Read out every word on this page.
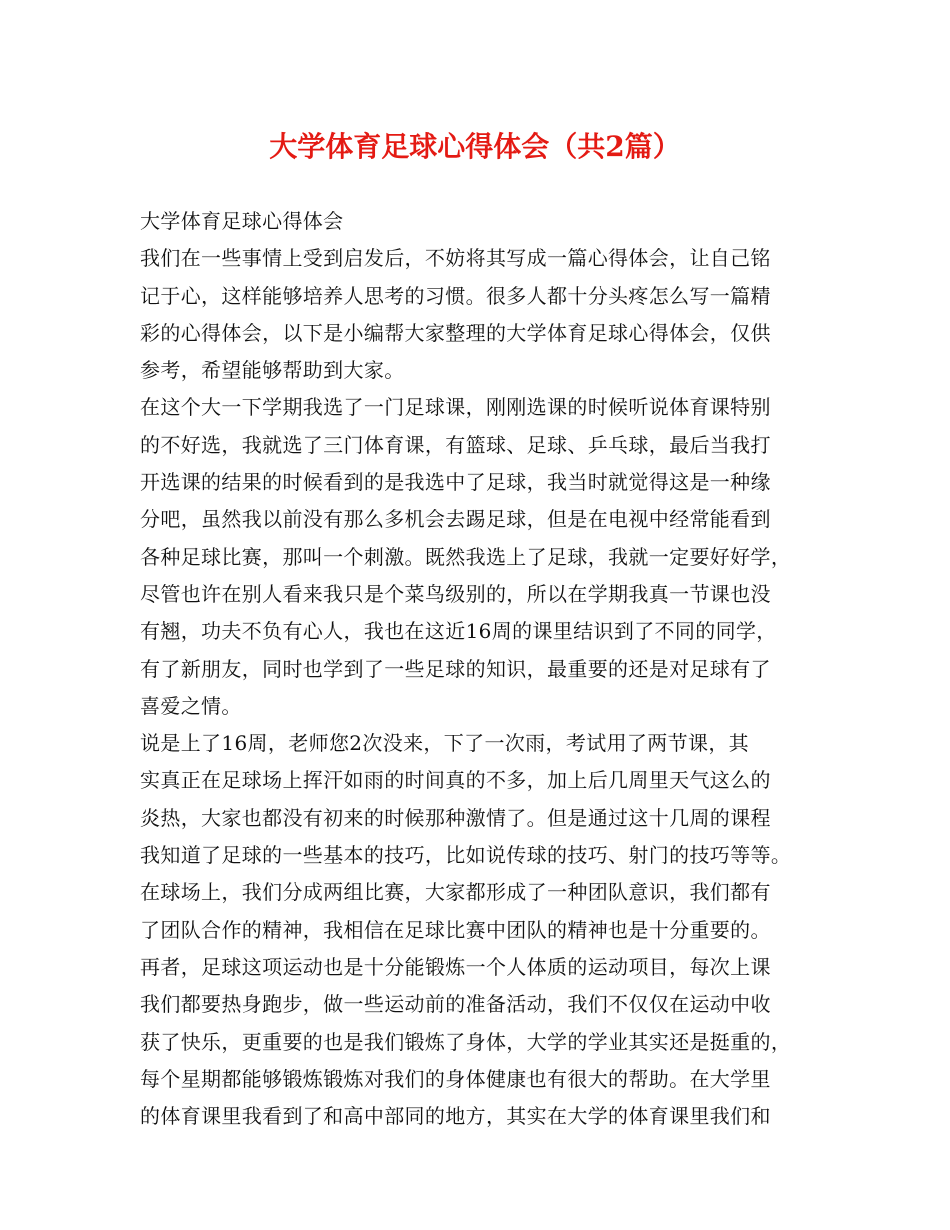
大学体育足球心得体会（共2篇）
大学体育足球心得体会
我们在一些事情上受到启发后，不妨将其写成一篇心得体会，让自己铭
记于心，这样能够培养人思考的习惯。很多人都十分头疼怎么写一篇精
彩的心得体会，以下是小编帮大家整理的大学体育足球心得体会，仅供
参考，希望能够帮助到大家。
在这个大一下学期我选了一门足球课，刚刚选课的时候听说体育课特别
的不好选，我就选了三门体育课，有篮球、足球、乒乓球，最后当我打
开选课的结果的时候看到的是我选中了足球，我当时就觉得这是一种缘
分吧，虽然我以前没有那么多机会去踢足球，但是在电视中经常能看到
各种足球比赛，那叫一个刺激。既然我选上了足球，我就一定要好好学，
尽管也许在别人看来我只是个菜鸟级别的，所以在学期我真一节课也没
有翘，功夫不负有心人，我也在这近16周的课里结识到了不同的同学，
有了新朋友，同时也学到了一些足球的知识，最重要的还是对足球有了
喜爱之情。
说是上了16周，老师您2次没来，下了一次雨，考试用了两节课，其
实真正在足球场上挥汗如雨的时间真的不多，加上后几周里天气这么的
炎热，大家也都没有初来的时候那种激情了。但是通过这十几周的课程
我知道了足球的一些基本的技巧，比如说传球的技巧、射门的技巧等等。
在球场上，我们分成两组比赛，大家都形成了一种团队意识，我们都有
了团队合作的精神，我相信在足球比赛中团队的精神也是十分重要的。
再者，足球这项运动也是十分能锻炼一个人体质的运动项目，每次上课
我们都要热身跑步，做一些运动前的准备活动，我们不仅仅在运动中收
获了快乐，更重要的也是我们锻炼了身体，大学的学业其实还是挺重的，
每个星期都能够锻炼锻炼对我们的身体健康也有很大的帮助。在大学里
的体育课里我看到了和高中部同的地方，其实在大学的体育课里我们和
